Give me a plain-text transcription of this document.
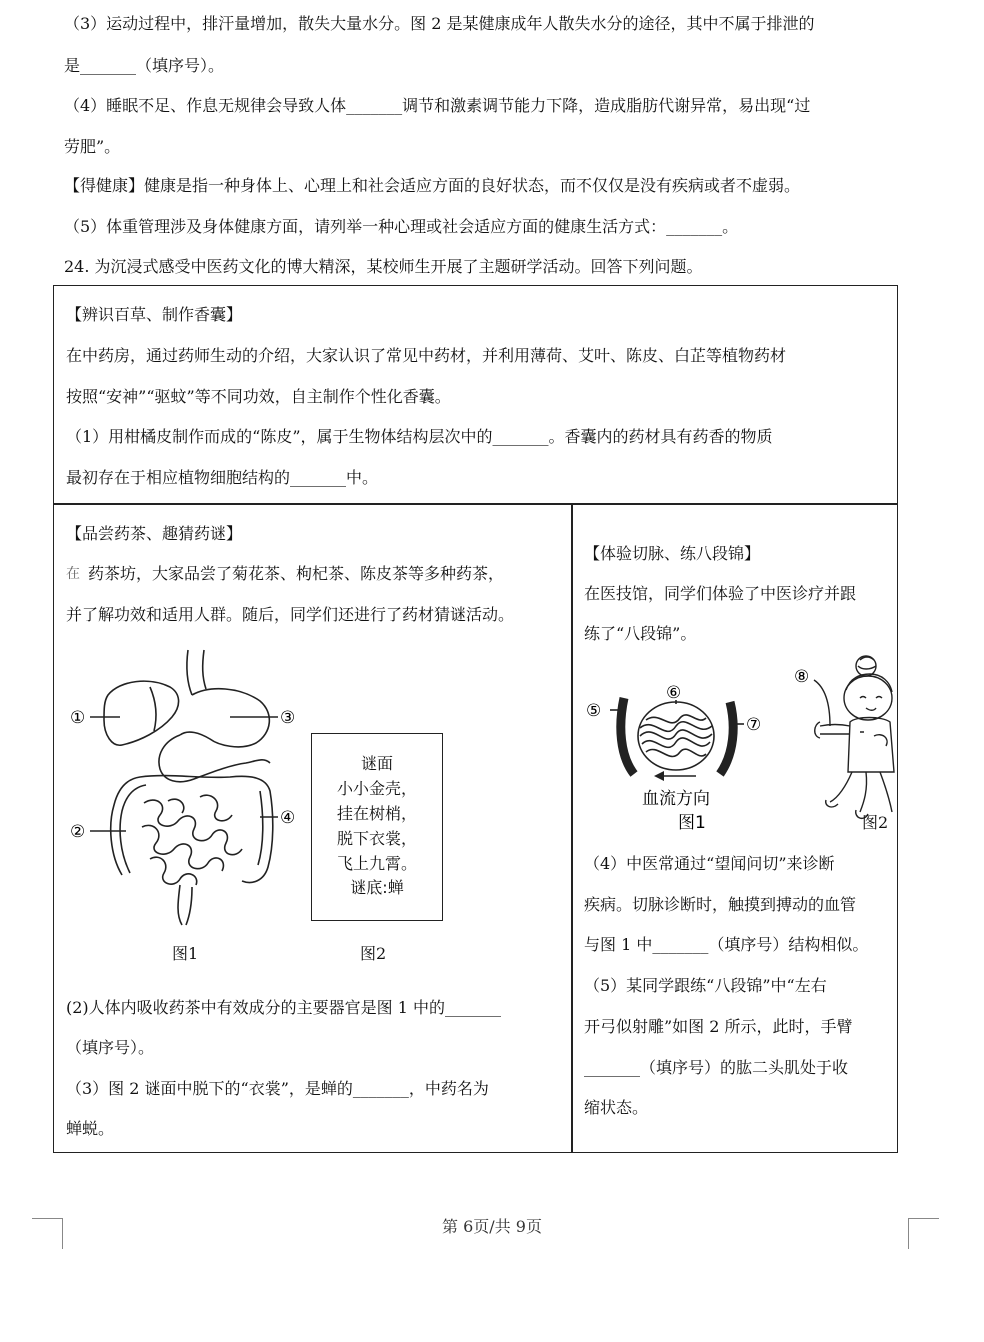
（3）运动过程中，排汗量增加，散失大量水分。图 2 是某健康成年人散失水分的途径，其中不属于排泄的
是_______（填序号）。
（4）睡眠不足、作息无规律会导致人体_______调节和激素调节能力下降，造成脂肪代谢异常，易出现“过
劳肥”。
【得健康】健康是指一种身体上、心理上和社会适应方面的良好状态，而不仅仅是没有疾病或者不虚弱。
（5）体重管理涉及身体健康方面，请列举一种心理或社会适应方面的健康生活方式：_______。
24. 为沉浸式感受中医药文化的博大精深，某校师生开展了主题研学活动。回答下列问题。
【辨识百草、制作香囊】
在中药房，通过药师生动的介绍，大家认识了常见中药材，并利用薄荷、艾叶、陈皮、白芷等植物药材
按照“安神”“驱蚊”等不同功效，自主制作个性化香囊。
（1）用柑橘皮制作而成的“陈皮”，属于生物体结构层次中的_______。香囊内的药材具有药香的物质
最初存在于相应植物细胞结构的_______中。
【品尝药茶、趣猜药谜】
在 药茶坊，大家品尝了菊花茶、枸杞茶、陈皮茶等多种药茶，
并了解功效和适用人群。随后，同学们还进行了药材猜谜活动。
①
②
③
④
谜面
小小金壳，
挂在树梢，
脱下衣裳，
飞上九霄。
谜底:蝉
图1	图2
(2)人体内吸收药茶中有效成分的主要器官是图 1 中的_______
（填序号）。
（3）图 2 谜面中脱下的“衣裳”，是蝉的_______，中药名为
蝉蜕。
【体验切脉、练八段锦】
在医技馆，同学们体验了中医诊疗并跟
练了“八段锦”。
⑤
⑥
⑦
血流方向
图1
⑧
图2
（4）中医常通过“望闻问切”来诊断
疾病。切脉诊断时，触摸到搏动的血管
与图 1 中_______（填序号）结构相似。
（5）某同学跟练“八段锦”中“左右
开弓似射雕”如图 2 所示，此时，手臂
_______（填序号）的肱二头肌处于收
缩状态。
第 6页/共 9页
